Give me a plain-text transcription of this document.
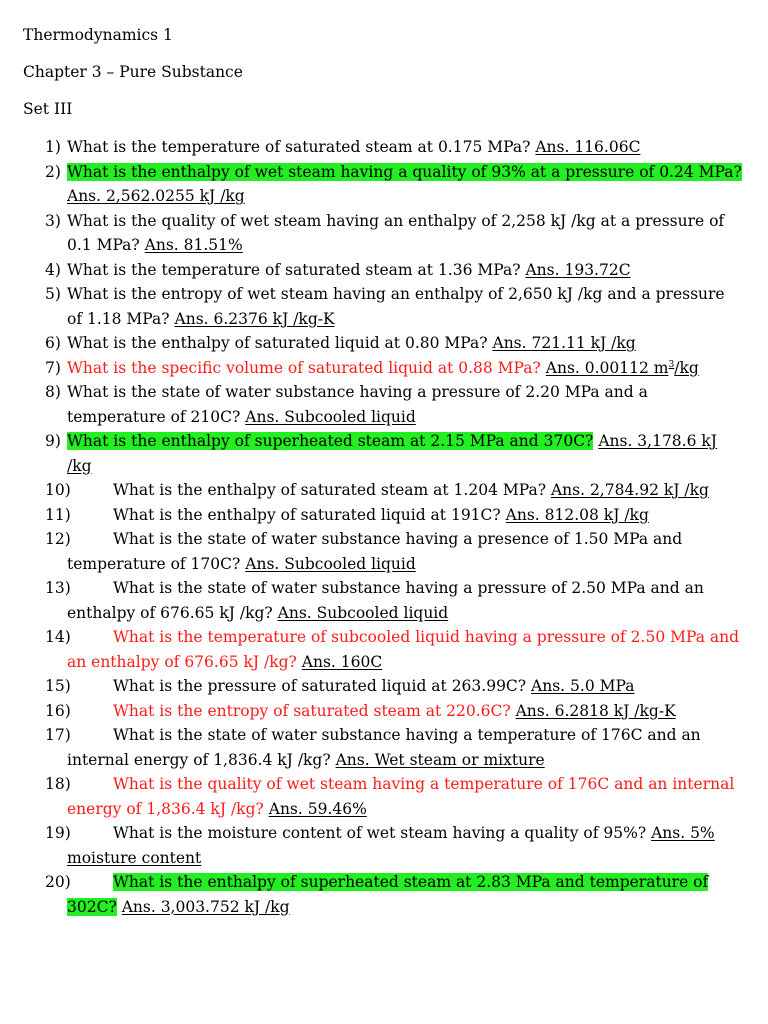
Thermodynamics 1
Chapter 3 – Pure Substance
Set III
1) What is the temperature of saturated steam at 0.175 MPa? Ans. 116.06C
2) What is the enthalpy of wet steam having a quality of 93% at a pressure of 0.24 MPa? Ans. 2,562.0255 kJ /kg
3) What is the quality of wet steam having an enthalpy of 2,258 kJ /kg at a pressure of 0.1 MPa? Ans. 81.51%
4) What is the temperature of saturated steam at 1.36 MPa? Ans. 193.72C
5) What is the entropy of wet steam having an enthalpy of 2,650 kJ /kg and a pressure of 1.18 MPa? Ans. 6.2376 kJ /kg-K
6) What is the enthalpy of saturated liquid at 0.80 MPa? Ans. 721.11 kJ /kg
7) What is the specific volume of saturated liquid at 0.88 MPa? Ans. 0.00112 $m^3/kg$
8) What is the state of water substance having a pressure of 2.20 MPa and a temperature of 210C? Ans. Subcooled liquid
9) What is the enthalpy of superheated steam at 2.15 MPa and 370C? Ans. 3,178.6 kJ /kg
10)	What is the enthalpy of saturated steam at 1.204 MPa? Ans. 2,784.92 kJ /kg
11)	What is the enthalpy of saturated liquid at 191C? Ans. 812.08 kJ /kg
12)	What is the state of water substance having a presence of 1.50 MPa and temperature of 170C? Ans. Subcooled liquid
13)	What is the state of water substance having a pressure of 2.50 MPa and an enthalpy of 676.65 kJ /kg? Ans. Subcooled liquid
14)	What is the temperature of subcooled liquid having a pressure of 2.50 MPa and an enthalpy of 676.65 kJ /kg? Ans. 160C
15)	What is the pressure of saturated liquid at 263.99C? Ans. 5.0 MPa
16)	What is the entropy of saturated steam at 220.6C? Ans. 6.2818 kJ /kg-K
17)	What is the state of water substance having a temperature of 176C and an internal energy of 1,836.4 kJ /kg? Ans. Wet steam or mixture
18)	What is the quality of wet steam having a temperature of 176C and an internal energy of 1,836.4 kJ /kg? Ans. 59.46%
19)	What is the moisture content of wet steam having a quality of 95%? Ans. 5% moisture content
20)	What is the enthalpy of superheated steam at 2.83 MPa and temperature of 302C? Ans. 3,003.752 kJ /kg
